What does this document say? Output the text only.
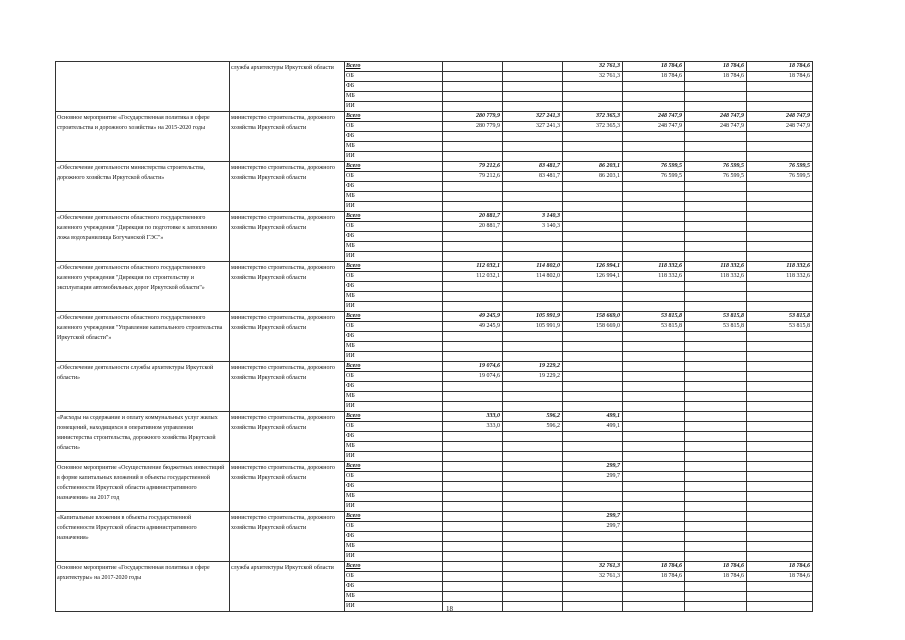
	служба архитектуры Иркутской области	Всего			32 761,3	18 784,6	18 784,6	18 784,6
		ОБ			32 761,3	18 784,6	18 784,6	18 784,6
		ФБ						
		МБ						
		ИИ						
Основное мероприятие «Государственная политика в сфере строительства и дорожного хозяйства» на 2015-2020 годы	министерство строительства, дорожного хозяйства Иркутской области	Всего	280 779,9	327 241,3	372 365,3	248 747,9	248 747,9	248 747,9
		ОБ	280 779,9	327 241,3	372 365,3	248 747,9	248 747,9	248 747,9
		ФБ						
		МБ						
		ИИ						
«Обеспечение деятельности министерства строительства, дорожного хозяйства Иркутской области»	министерство строительства, дорожного хозяйства Иркутской области	Всего	79 212,6	83 481,7	86 203,1	76 599,5	76 599,5	76 599,5
		ОБ	79 212,6	83 481,7	86 203,1	76 599,5	76 599,5	76 599,5
		ФБ						
		МБ						
		ИИ						
«Обеспечение деятельности областного государственного казенного учреждения "Дирекция по подготовке к затоплению ложа водохранилища Богучанской ГЭС"»	министерство строительства, дорожного хозяйства Иркутской области	Всего	20 881,7	3 140,3				
		ОБ	20 881,7	3 140,3				
		ФБ						
		МБ						
		ИИ						
«Обеспечение деятельности областного государственного казенного учреждения "Дирекция по строительству и эксплуатации автомобильных дорог Иркутской области"»	министерство строительства, дорожного хозяйства Иркутской области	Всего	112 032,1	114 802,0	126 994,1	118 332,6	118 332,6	118 332,6
		ОБ	112 032,1	114 802,0	126 994,1	118 332,6	118 332,6	118 332,6
		ФБ						
		МБ						
		ИИ						
«Обеспечение деятельности областного государственного казенного учреждения "Управление капитального строительства Иркутской области"»	министерство строительства, дорожного хозяйства Иркутской области	Всего	49 245,9	105 991,9	158 669,0	53 815,8	53 815,8	53 815,8
		ОБ	49 245,9	105 991,9	158 669,0	53 815,8	53 815,8	53 815,8
		ФБ						
		МБ						
		ИИ						
«Обеспечение деятельности службы архитектуры Иркутской области»	министерство строительства, дорожного хозяйства Иркутской области	Всего	19 074,6	19 229,2				
		ОБ	19 074,6	19 229,2				
		ФБ						
		МБ						
		ИИ						
«Расходы на содержание и оплату коммунальных услуг жилых помещений, находящихся в оперативном управлении министерства строительства, дорожного хозяйства Иркутской области»	министерство строительства, дорожного хозяйства Иркутской области	Всего	333,0	596,2	499,1			
		ОБ	333,0	596,2	499,1			
		ФБ						
		МБ						
		ИИ						
Основное мероприятие «Осуществление бюджетных инвестиций в форме капитальных вложений в объекты государственной собственности Иркутской области административного назначения» на 2017 год	министерство строительства, дорожного хозяйства Иркутской области	Всего			299,7			
		ОБ			299,7			
		ФБ						
		МБ						
		ИИ						
«Капитальные вложения в объекты государственной собственности Иркутской области административного назначения»	министерство строительства, дорожного хозяйства Иркутской области	Всего			299,7			
		ОБ			299,7			
		ФБ						
		МБ						
		ИИ						
Основное мероприятие «Государственная политика в сфере архитектуры» на 2017-2020 годы	служба архитектуры Иркутской области	Всего			32 761,3	18 784,6	18 784,6	18 784,6
		ОБ			32 761,3	18 784,6	18 784,6	18 784,6
		ФБ						
		МБ						
		ИИ							18
